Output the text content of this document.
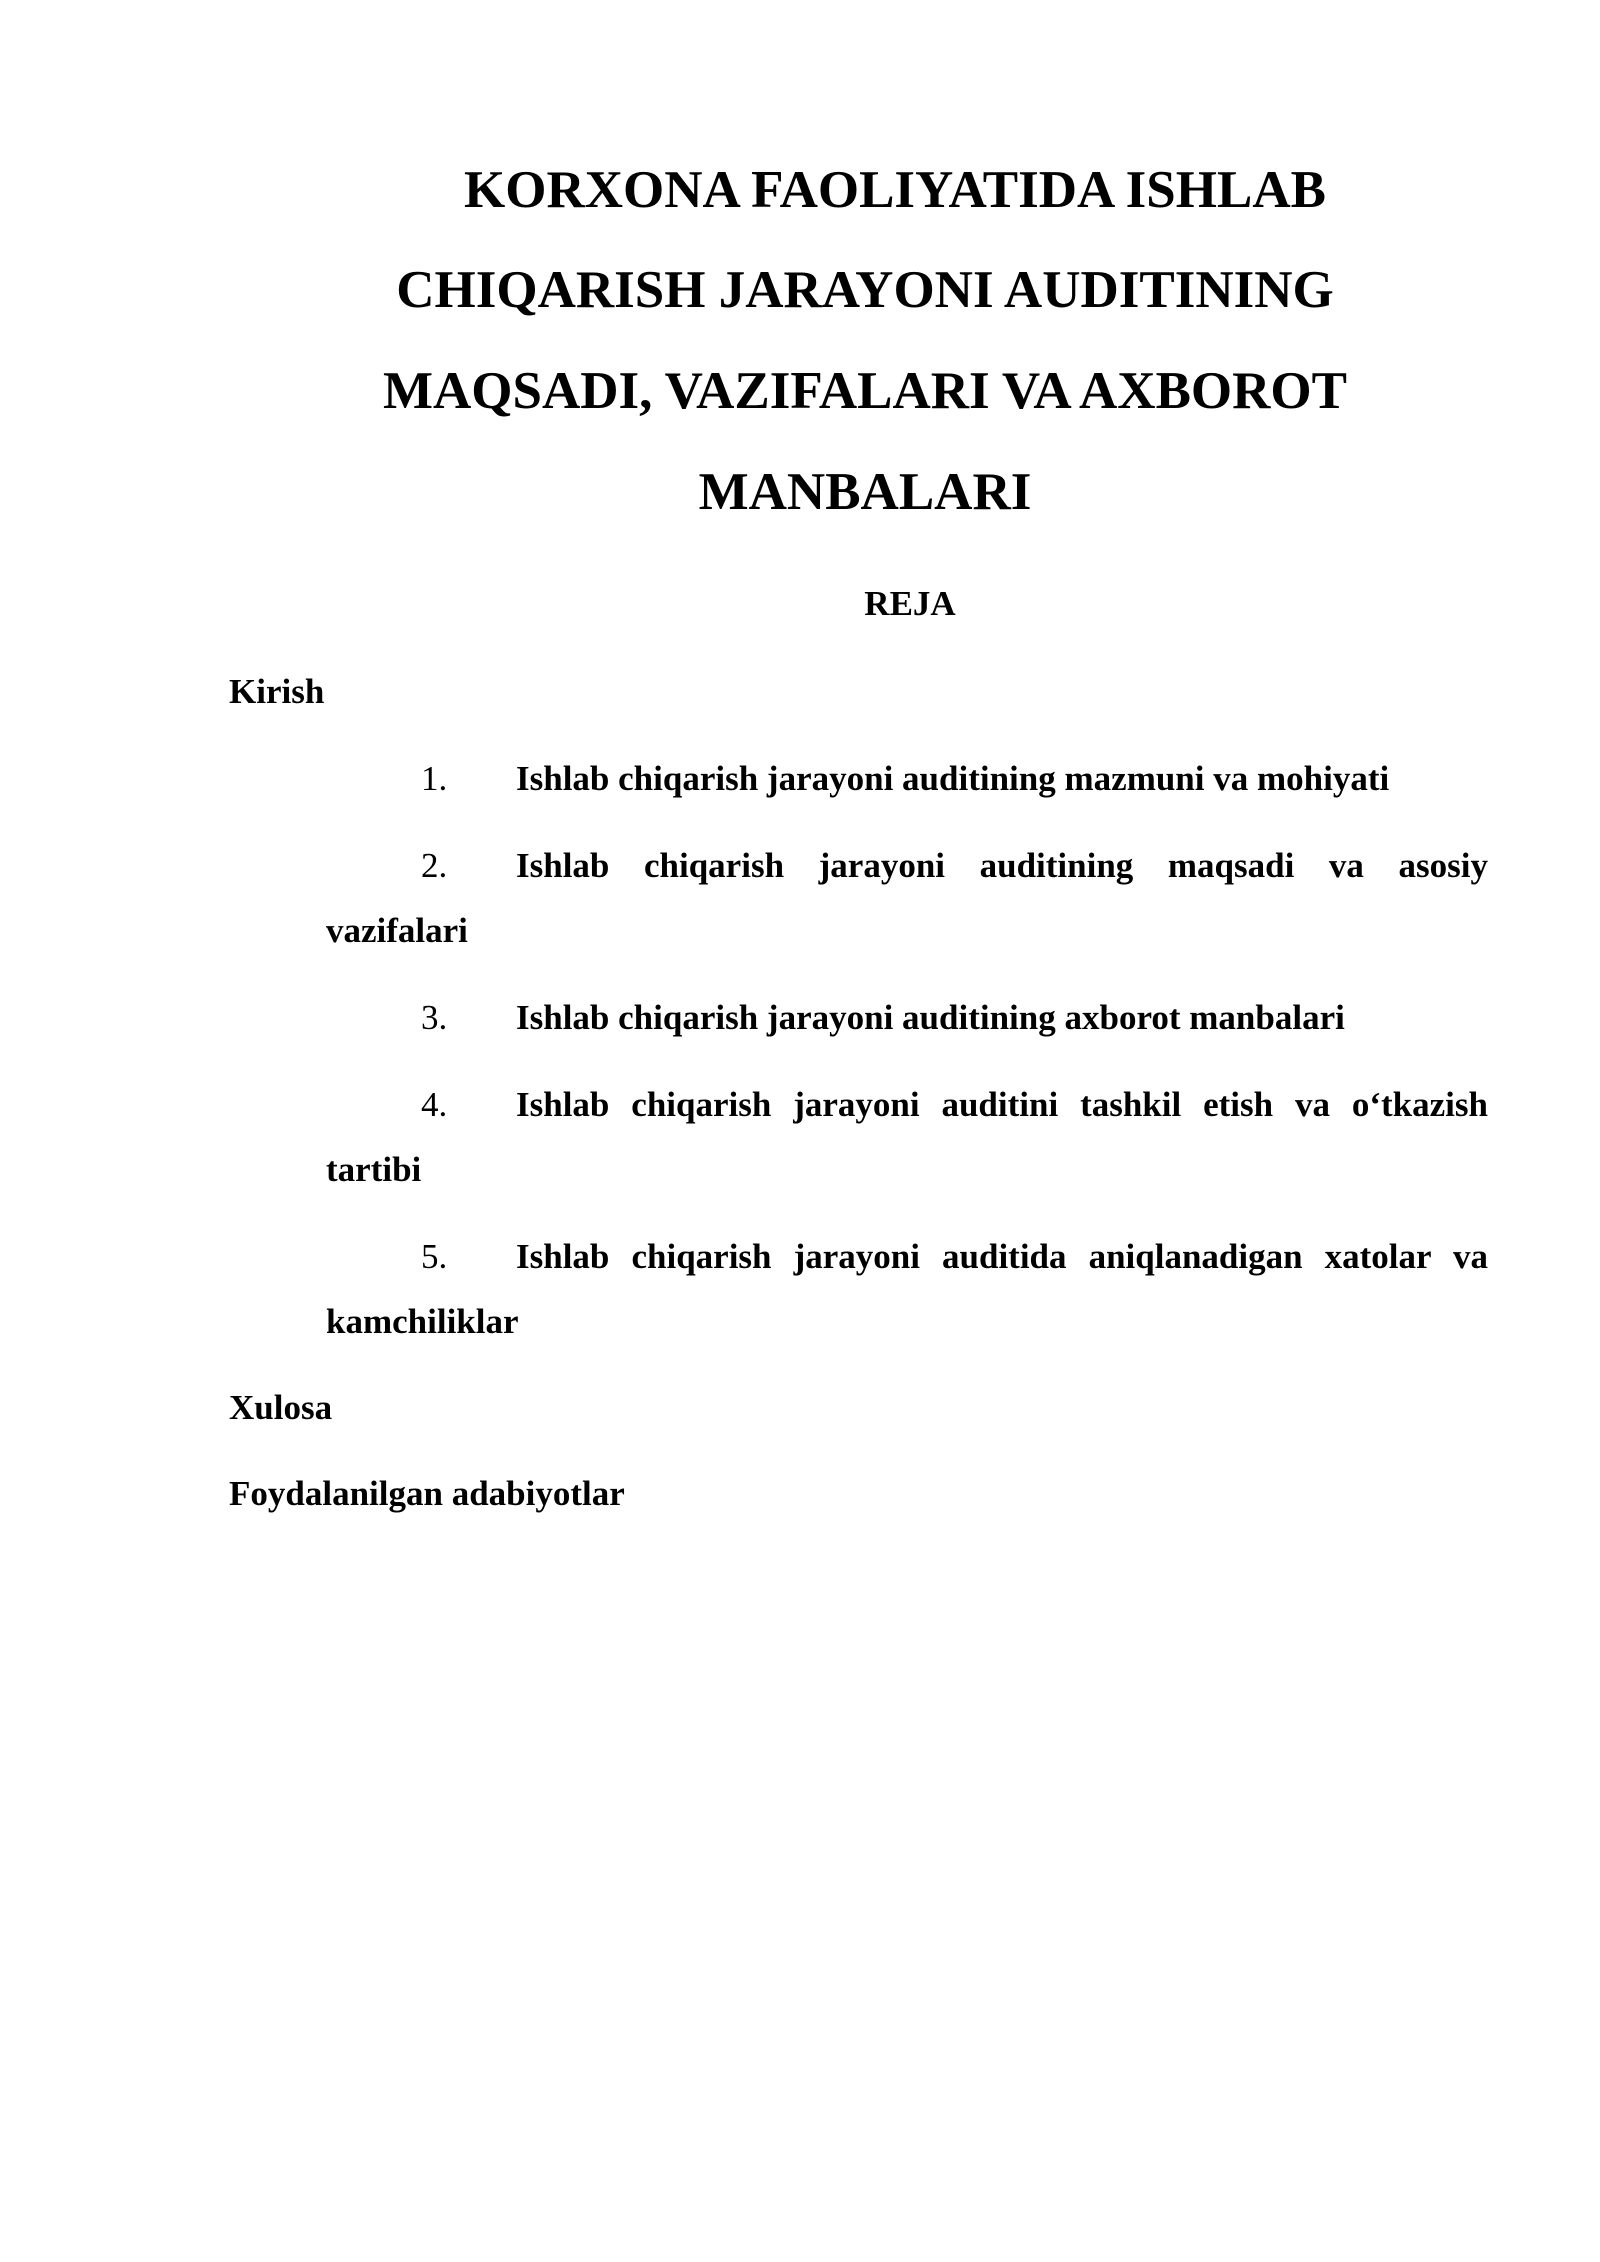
KORXONA FAOLIYATIDA ISHLAB
CHIQARISH JARAYONI AUDITINING
MAQSADI, VAZIFALARI VA AXBOROT
MANBALARI
REJA
Kirish
1. Ishlab chiqarish jarayoni auditining mazmuni va mohiyati
2. Ishlab chiqarish jarayoni auditining maqsadi va asosiy
vazifalari
3. Ishlab chiqarish jarayoni auditining axborot manbalari
4. Ishlab chiqarish jarayoni auditini tashkil etish va o‘tkazish
tartibi
5. Ishlab chiqarish jarayoni auditida aniqlanadigan xatolar va
kamchiliklar
Xulosa
Foydalanilgan adabiyotlar
